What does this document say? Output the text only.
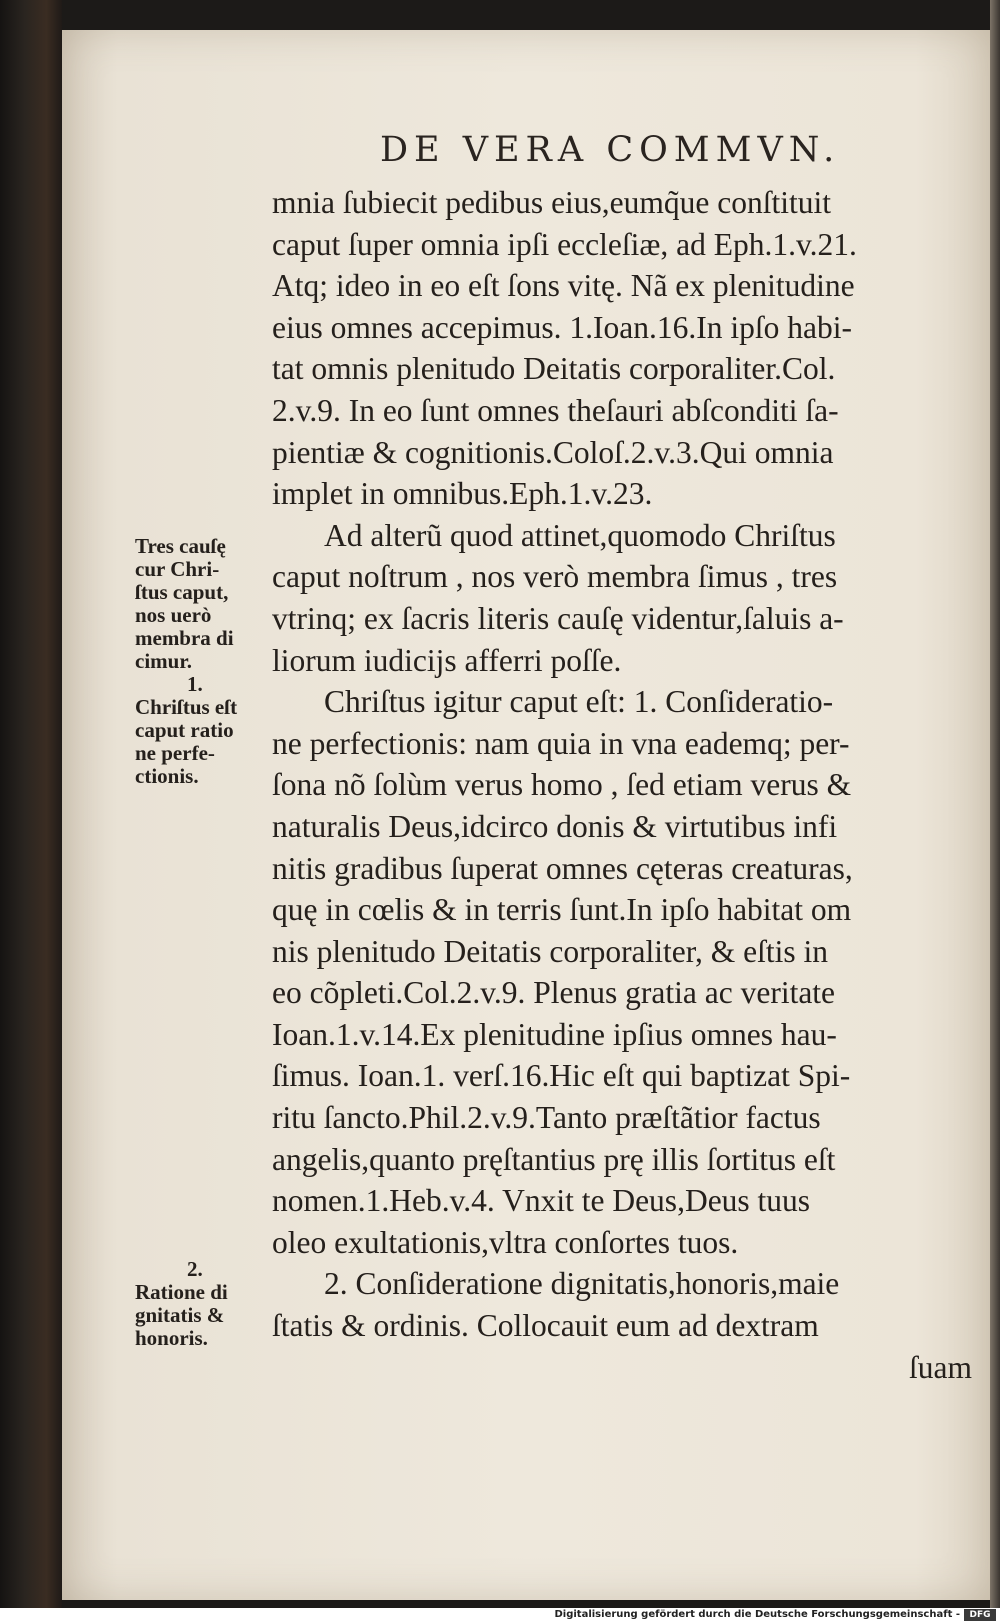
DE VERA COMMVN.
mnia ſubiecit pedibus eius,eumq̃ue conſtituit
caput ſuper omnia ipſi eccleſiæ, ad Eph.1.v.21.
Atq; ideo in eo eſt ſons vitę. Nã ex plenitudine
eius omnes accepimus. 1.Ioan.16.In ipſo habi-
tat omnis plenitudo Deitatis corporaliter.Col.
2.v.9. In eo ſunt omnes theſauri abſconditi ſa-
pientiæ & cognitionis.Coloſ.2.v.3.Qui omnia
implet in omnibus.Eph.1.v.23.
Ad alterũ quod attinet,quomodo Chriſtus
caput noſtrum , nos verò membra ſimus , tres
vtrinq; ex ſacris literis cauſę videntur,ſaluis a-
liorum iudicijs afferri poſſe.
Chriſtus igitur caput eſt: 1. Conſideratio-
ne perfectionis: nam quia in vna eademq; per-
ſona nõ ſolùm verus homo , ſed etiam verus &
naturalis Deus,idcirco donis & virtutibus infi
nitis gradibus ſuperat omnes cęteras creaturas,
quę in cœlis & in terris ſunt.In ipſo habitat om
nis plenitudo Deitatis corporaliter, & eſtis in
eo cõpleti.Col.2.v.9. Plenus gratia ac veritate
Ioan.1.v.14.Ex plenitudine ipſius omnes hau-
ſimus. Ioan.1. verſ.16.Hic eſt qui baptizat Spi-
ritu ſancto.Phil.2.v.9.Tanto præſtãtior factus
angelis,quanto pręſtantius prę illis ſortitus eſt
nomen.1.Heb.v.4. Vnxit te Deus,Deus tuus
oleo exultationis,vltra conſortes tuos.
2. Conſideratione dignitatis,honoris,maie
ſtatis & ordinis. Collocauit eum ad dextram
ſuam
Tres cauſę
cur Chri-
ſtus caput,
nos uerò
membra di
cimur.
1.
Chriſtus eſt
caput ratio
ne perfe-
ctionis.
2.
Ratione di
gnitatis &
honoris.
Digitalisierung gefördert durch die Deutsche Forschungsgemeinschaft -	DFG
